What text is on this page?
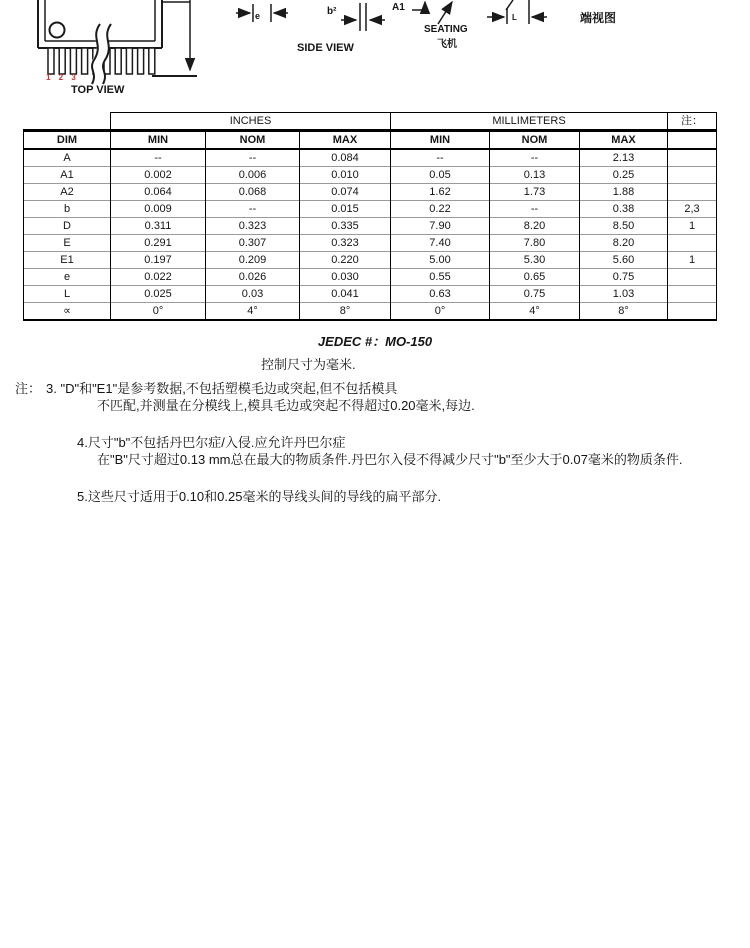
1 2 3
TOP VIEW
e	b²
SIDE VIEW
A1
SEATING
飞机
L	端视图
	INCHES			MILLIMETERS			注：
DIM	MIN	NOM	MAX	MIN	NOM	MAX	
A	--	--	0.084	--	--	2.13	
A1	0.002	0.006	0.010	0.05	0.13	0.25	
A2	0.064	0.068	0.074	1.62	1.73	1.88	
b	0.009	--	0.015	0.22	--	0.38	2,3
D	0.311	0.323	0.335	7.90	8.20	8.50	1
E	0.291	0.307	0.323	7.40	7.80	8.20	
E1	0.197	0.209	0.220	5.00	5.30	5.60	1
e	0.022	0.026	0.030	0.55	0.65	0.75	
L	0.025	0.03	0.041	0.63	0.75	1.03	
∝	0°	4°	8°	0°	4°	8°	
JEDEC #：MO-150
控制尺寸为毫米.
注： 3. "D"和"E1"是参考数据,不包括塑模毛边或突起,但不包括模具
不匹配,并测量在分模线上,模具毛边或突起不得超过0.20毫米,每边.
4.尺寸"b"不包括丹巴尔症/入侵.应允许丹巴尔症
在"B"尺寸超过0.13 mm总在最大的物质条件.丹巴尔入侵不得减少尺寸"b"至少大于0.07毫米的物质条件.
5.这些尺寸适用于0.10和0.25毫米的导线头间的导线的扁平部分.
